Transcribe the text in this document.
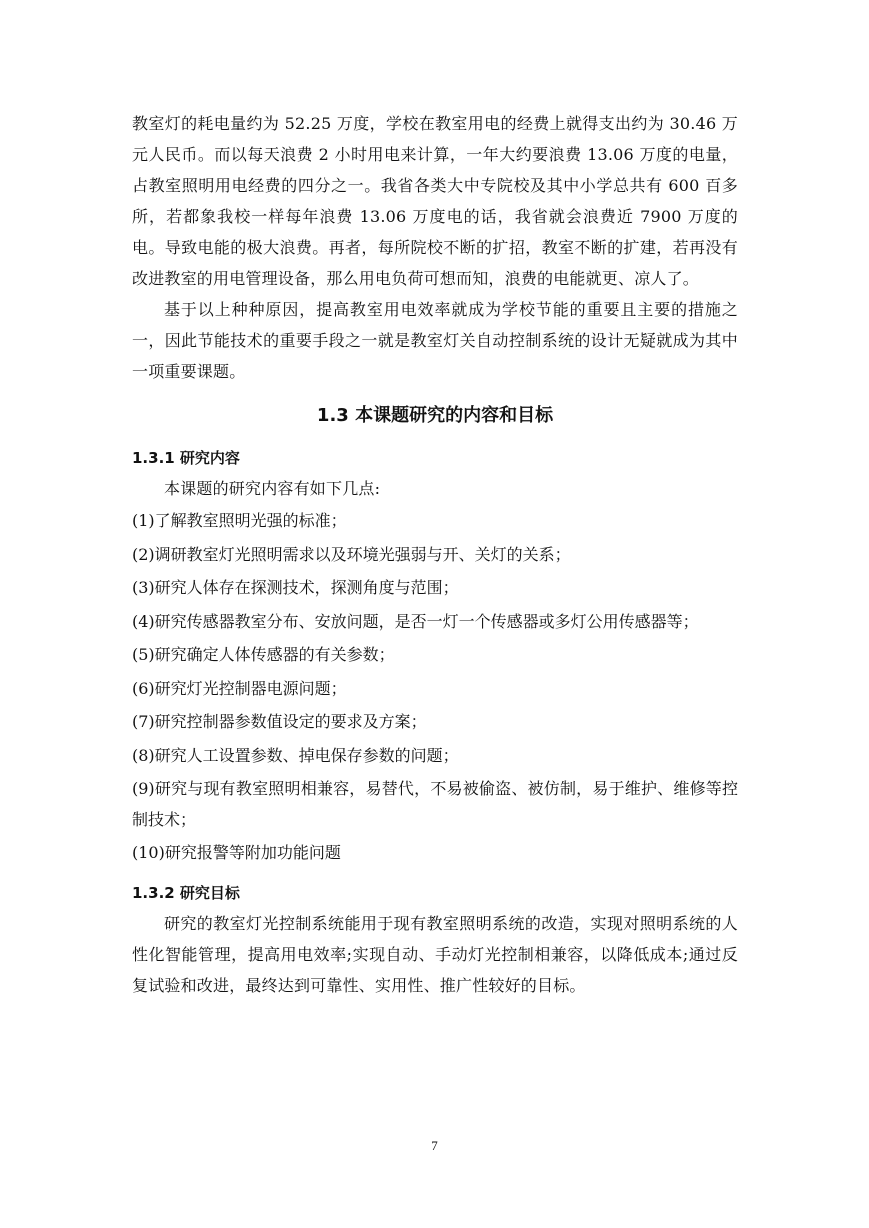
教室灯的耗电量约为 52.25 万度，学校在教室用电的经费上就得支出约为 30.46 万元人民币。而以每天浪费 2 小时用电来计算，一年大约要浪费 13.06 万度的电量，占教室照明用电经费的四分之一。我省各类大中专院校及其中小学总共有 600 百多所，若都象我校一样每年浪费 13.06 万度电的话，我省就会浪费近 7900 万度的电。导致电能的极大浪费。再者，每所院校不断的扩招，教室不断的扩建，若再没有改进教室的用电管理设备，那么用电负荷可想而知，浪费的电能就更、凉人了。

基于以上种种原因，提高教室用电效率就成为学校节能的重要且主要的措施之一，因此节能技术的重要手段之一就是教室灯关自动控制系统的设计无疑就成为其中一项重要课题。

1.3 本课题研究的内容和目标
1.3.1 研究内容

本课题的研究内容有如下几点:

(1)了解教室照明光强的标准；

(2)调研教室灯光照明需求以及环境光强弱与开、关灯的关系；

(3)研究人体存在探测技术，探测角度与范围；

(4)研究传感器教室分布、安放问题，是否一灯一个传感器或多灯公用传感器等；

(5)研究确定人体传感器的有关参数；

(6)研究灯光控制器电源问题；

(7)研究控制器参数值设定的要求及方案；

(8)研究人工设置参数、掉电保存参数的问题；

(9)研究与现有教室照明相兼容，易替代，不易被偷盗、被仿制，易于维护、维修等控制技术；

(10)研究报警等附加功能问题

1.3.2 研究目标

研究的教室灯光控制系统能用于现有教室照明系统的改造，实现对照明系统的人性化智能管理，提高用电效率;实现自动、手动灯光控制相兼容，以降低成本;通过反复试验和改进，最终达到可靠性、实用性、推广性较好的目标。

7
